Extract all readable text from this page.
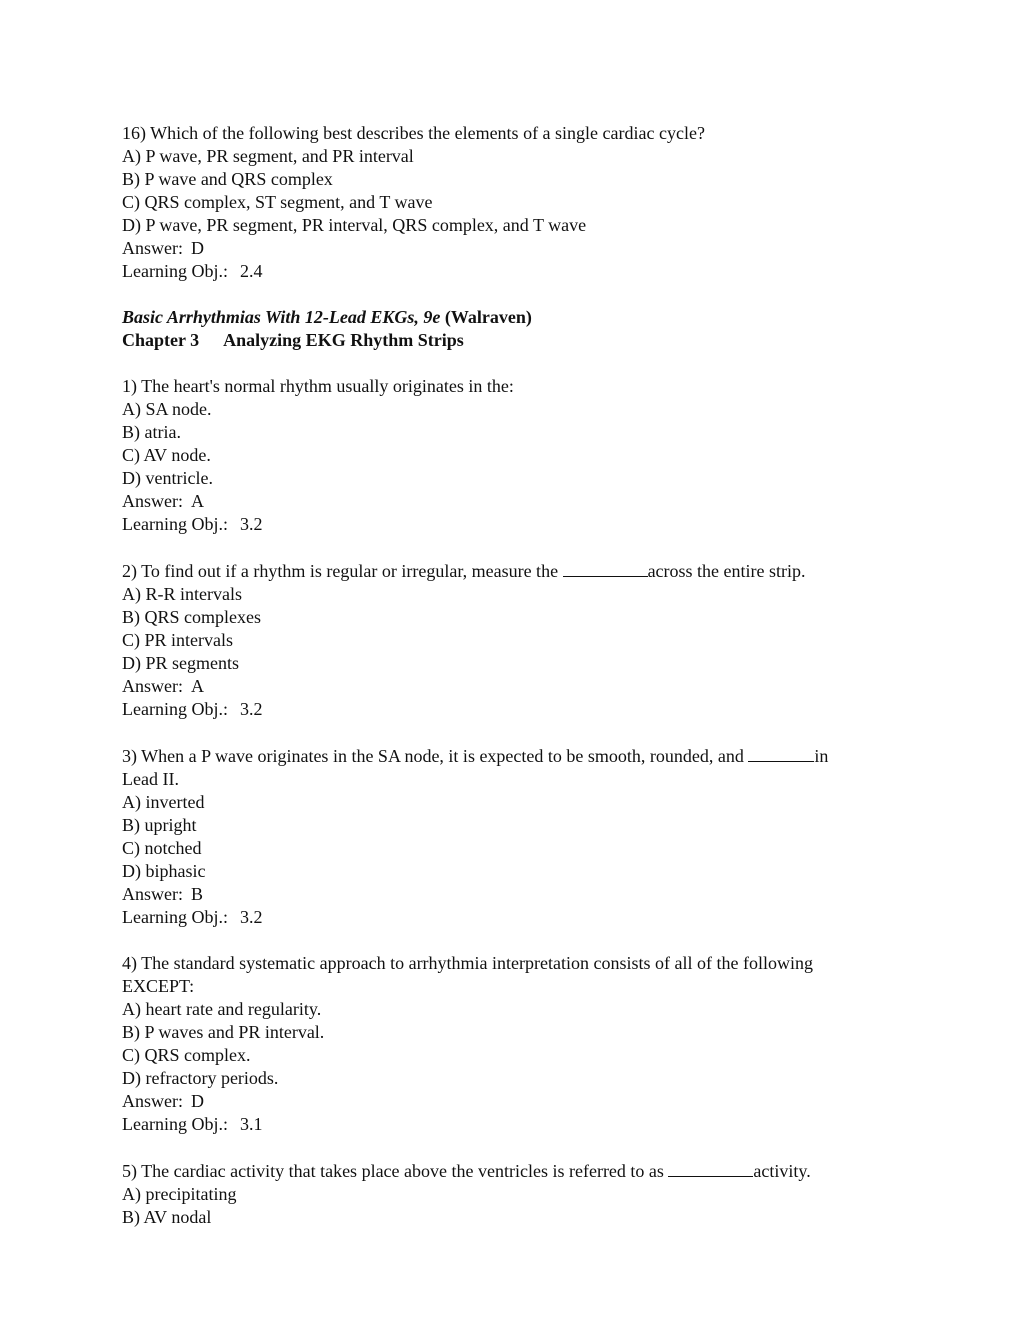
16) Which of the following best describes the elements of a single cardiac cycle?
A) P wave, PR segment, and PR interval
B) P wave and QRS complex
C) QRS complex, ST segment, and T wave
D) P wave, PR segment, PR interval, QRS complex, and T wave
Answer: D
Learning Obj.: 2.4
Basic Arrhythmias With 12-Lead EKGs, 9e (Walraven)
Chapter 3 Analyzing EKG Rhythm Strips
1) The heart's normal rhythm usually originates in the:
A) SA node.
B) atria.
C) AV node.
D) ventricle.
Answer: A
Learning Obj.: 3.2
2) To find out if a rhythm is regular or irregular, measure the	across the entire strip.
A) R-R intervals
B) QRS complexes
C) PR intervals
D) PR segments
Answer: A
Learning Obj.: 3.2
3) When a P wave originates in the SA node, it is expected to be smooth, rounded, and	in
Lead II.
A) inverted
B) upright
C) notched
D) biphasic
Answer: B
Learning Obj.: 3.2
4) The standard systematic approach to arrhythmia interpretation consists of all of the following
EXCEPT:
A) heart rate and regularity.
B) P waves and PR interval.
C) QRS complex.
D) refractory periods.
Answer: D
Learning Obj.: 3.1
5) The cardiac activity that takes place above the ventricles is referred to as	activity.
A) precipitating
B) AV nodal
